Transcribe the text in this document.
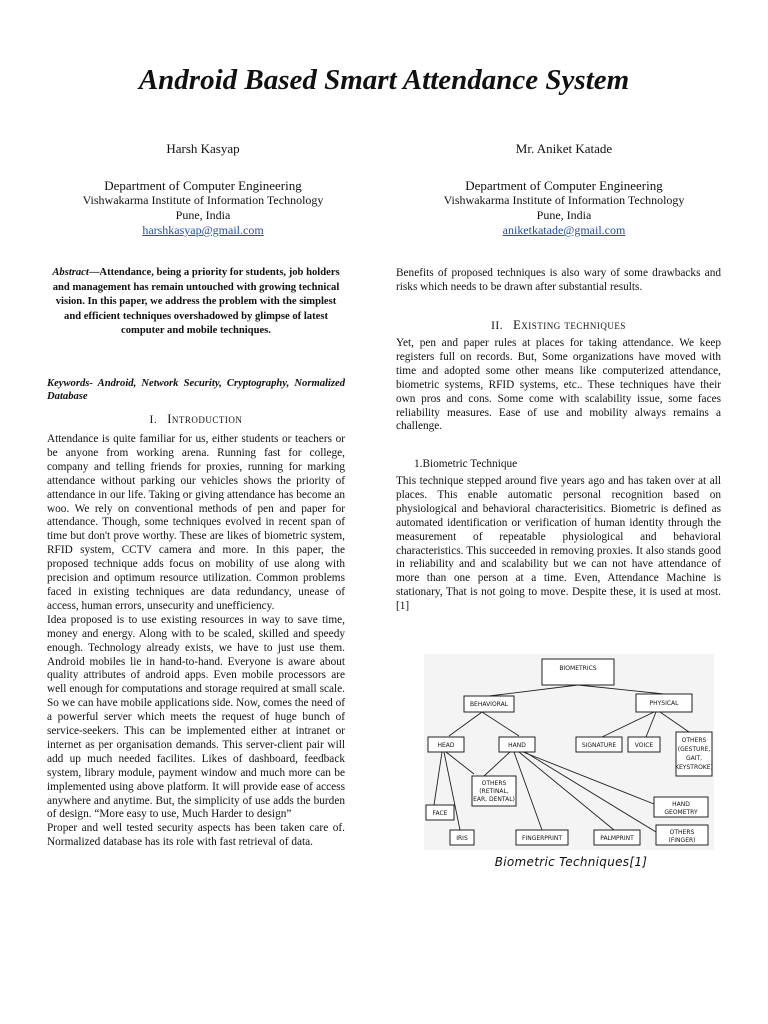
Android Based Smart Attendance System
Harsh Kasyap
Department of Computer Engineering
Vishwakarma Institute of Information Technology
Pune, India
harshkasyap@gmail.com
Mr. Aniket Katade
Department of Computer Engineering
Vishwakarma Institute of Information Technology
Pune, India
aniketkatade@gmail.com
Abstract—Attendance, being a priority for students, job holders and management has remain untouched with growing technical vision. In this paper, we address the problem with the simplest and efficient techniques overshadowed by glimpse of latest computer and mobile techniques.
Keywords- Android, Network Security, Cryptography, Normalized Database
I. Introduction

Attendance is quite familiar for us, either students or teachers or be anyone from working arena. Running fast for college, company and telling friends for proxies, running for marking attendance without parking our vehicles shows the priority of attendance in our life. Taking or giving attendance has become an woo. We rely on conventional methods of pen and paper for attendance. Though, some techniques evolved in recent span of time but don't prove worthy. These are likes of biometric system, RFID system, CCTV camera and more. In this paper, the proposed technique adds focus on mobility of use along with precision and optimum resource utilization. Common problems faced in existing techniques are data redundancy, unease of access, human errors, unsecurity and unefficiency.

Idea proposed is to use existing resources in way to save time, money and energy. Along with to be scaled, skilled and speedy enough. Technology already exists, we have to just use them. Android mobiles lie in hand-to-hand. Everyone is aware about quality attributes of android apps. Even mobile processors are well enough for computations and storage required at small scale. So we can have mobile applications side. Now, comes the need of a powerful server which meets the request of huge bunch of service-seekers. This can be implemented either at intranet or internet as per organisation demands. This server-client pair will add up much needed facilites. Likes of dashboard, feedback system, library module, payment window and much more can be implemented using above platform. It will provide ease of access anywhere and anytime. But, the simplicity of use adds the burden of design. “More easy to use, Much Harder to design”

Proper and well tested security aspects has been taken care of. Normalized database has its role with fast retrieval of data.

Benefits of proposed techniques is also wary of some drawbacks and risks which needs to be drawn after substantial results.
II. Existing techniques
Yet, pen and paper rules at places for taking attendance. We keep registers full on records. But, Some organizations have moved with time and adopted some other means like computerized attendance, biometric systems, RFID systems, etc.. These techniques have their own pros and cons. Some come with scalability issue, some faces reliability measures. Ease of use and mobility always remains a challenge.
1.Biometric Technique
This technique stepped around five years ago and has taken over at all places. This enable automatic personal recognition based on physiological and behavioral characterisitics. Biometric is defined as automated identification or verification of human identity through the measurement of repeatable physiological and behavioral characteristics. This succeeded in removing proxies. It also stands good in reliability and and scalability but we can not have attendance of more than one person at a time. Even, Attendance Machine is stationary, That is not going to move. Despite these, it is used at most.[1]
BIOMETRICS
BEHAVIORAL	PHYSICAL
HEAD	HAND	SIGNATURE	VOICE
OTHERS
(GESTURE,
GAIT,
KEYSTROKE)
OTHERS
(RETINAL,
EAR, DENTAL)
FACE
IRIS	FINGERPRINT	PALMPRINT
HAND
GEOMETRY
OTHERS
(FINGER)
Biometric Techniques[1]
